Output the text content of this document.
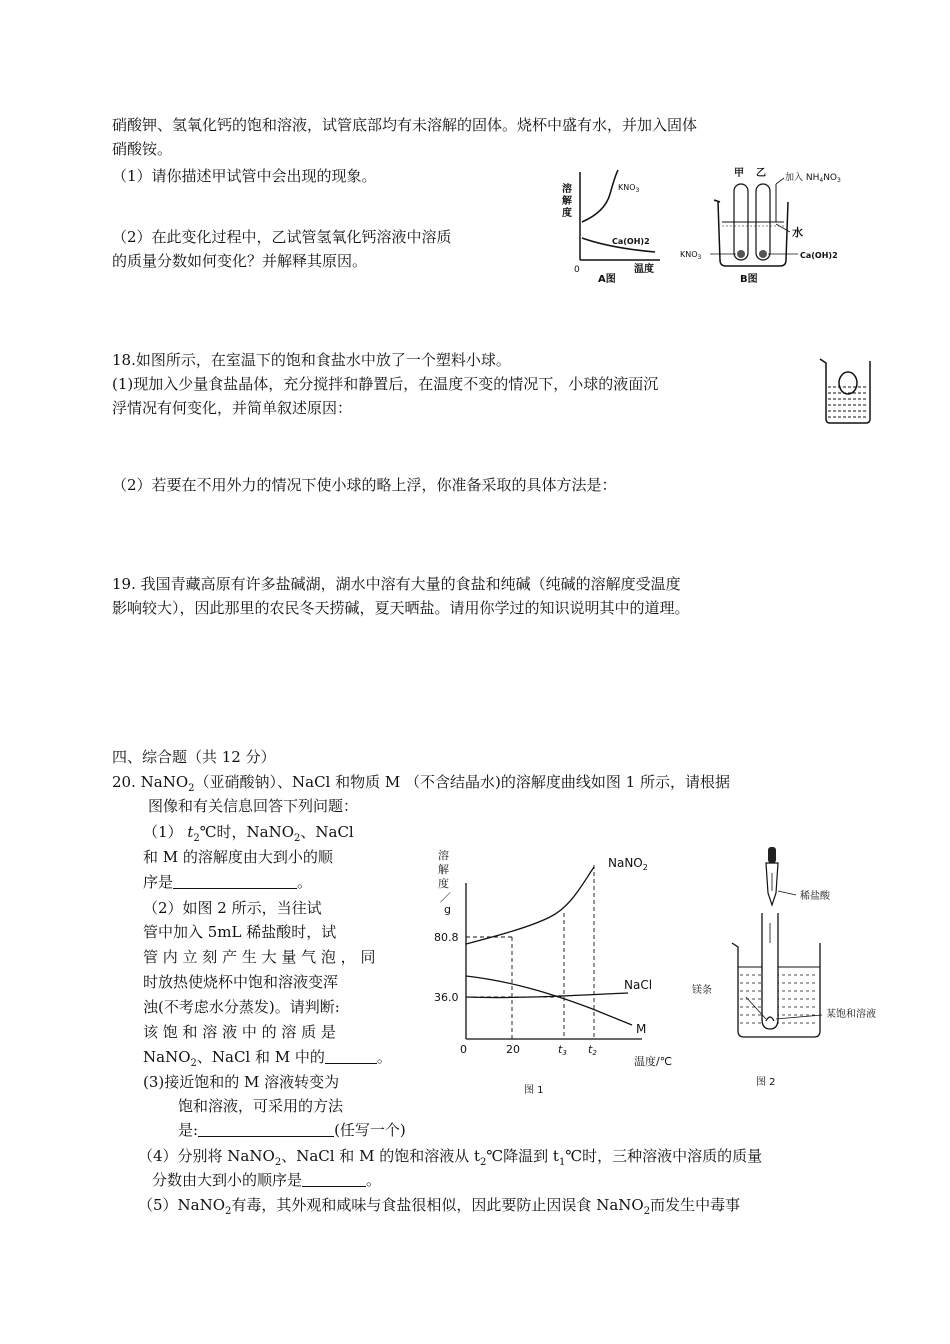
硝酸钾、氢氧化钙的饱和溶液，试管底部均有未溶解的固体。烧杯中盛有水，并加入固体
硝酸铵。
（1）请你描述甲试管中会出现的现象。
（2）在此变化过程中，乙试管氢氧化钙溶液中溶质
的质量分数如何变化？并解释其原因。
溶
解
度
0	温度
$KNO_3$
Ca(OH)2
A图
甲 乙 加入 $NH_4NO_3$
水
$KNO_3$	Ca(OH)2
B图
18.如图所示，在室温下的饱和食盐水中放了一个塑料小球。
(1)现加入少量食盐晶体，充分搅拌和静置后，在温度不变的情况下，小球的液面沉
浮情况有何变化，并简单叙述原因：
（2）若要在不用外力的情况下使小球的略上浮，你准备采取的具体方法是：
19. 我国青藏高原有许多盐碱湖，湖水中溶有大量的食盐和纯碱（纯碱的溶解度受温度
影响较大），因此那里的农民冬天捞碱，夏天晒盐。请用你学过的知识说明其中的道理。
四、综合题（共 12 分）
20. NaNO$_2$（亚硝酸钠）、NaCl 和物质 M （不含结晶水)的溶解度曲线如图 1 所示，请根据
图像和有关信息回答下列问题：
（1） $t_2℃$时，NaNO$_2$、NaCl
和 M 的溶解度由大到小的顺
序是	。
（2）如图 2 所示，当往试
管中加入 5mL 稀盐酸时，试
管 内 立 刻 产 生 大 量 气 泡 ， 同
时放热使烧杯中饱和溶液变浑
浊(不考虑水分蒸发)。请判断:
该 饱 和 溶 液 中 的 溶 质 是
NaNO$_2$、NaCl 和 M 中的	。
(3)接近饱和的 M 溶液转变为
饱和溶液，可采用的方法
是:	(任写一个)
（4）分别将 NaNO$_2$、NaCl 和 M 的饱和溶液从 $t_2℃$降温到 $t_1℃$时，三种溶液中溶质的质量
分数由大到小的顺序是	。
（5）NaNO$_2$有毒，其外观和咸味与食盐很相似，因此要防止因误食 NaNO$_2$而发生中毒事
溶
解
度
／
g
80.8
36.0
0	20	t3 t2
温度/℃
NaNO$_2$
NaCl
M
图 1
稀盐酸
镁条
某饱和溶液
图 2
